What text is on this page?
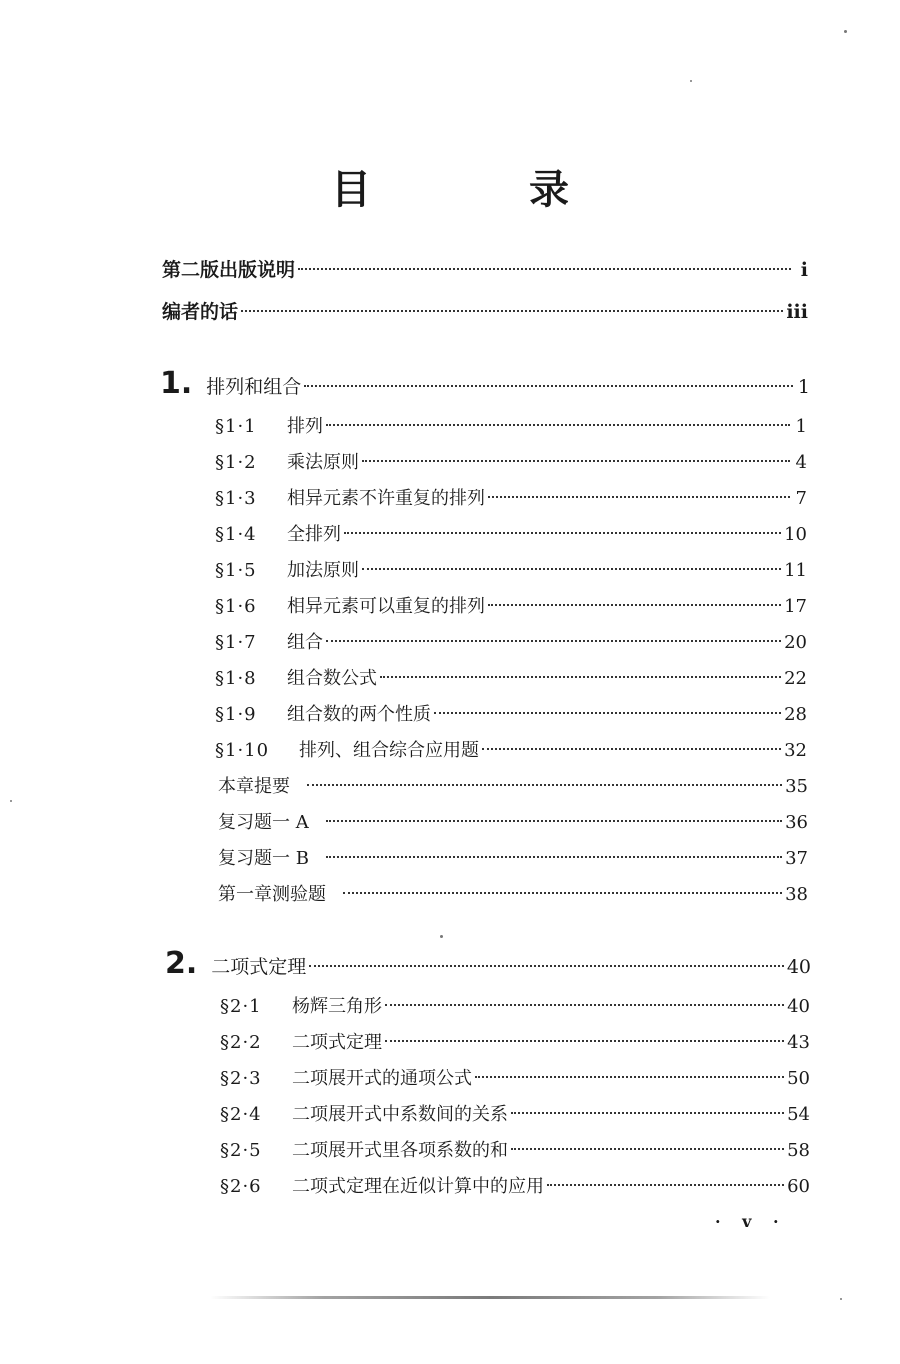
目 录
第二版出版说明	i
编者的话	iii
1. 排列和组合	1
§1·1	排列	1
§1·2	乘法原则	4
§1·3	相异元素不许重复的排列	7
§1·4	全排列	10
§1·5	加法原则	11
§1·6	相异元素可以重复的排列	17
§1·7	组合	20
§1·8	组合数公式	22
§1·9	组合数的两个性质	28
§1·10	排列、组合综合应用题	32
本章提要	35
复习题一 A	36
复习题一 B	37
第一章测验题	38
2. 二项式定理	40
§2·1	杨辉三角形	40
§2·2	二项式定理	43
§2·3	二项展开式的通项公式	50
§2·4	二项展开式中系数间的关系	54
§2·5	二项展开式里各项系数的和	58
§2·6	二项式定理在近似计算中的应用	60
· v ·
